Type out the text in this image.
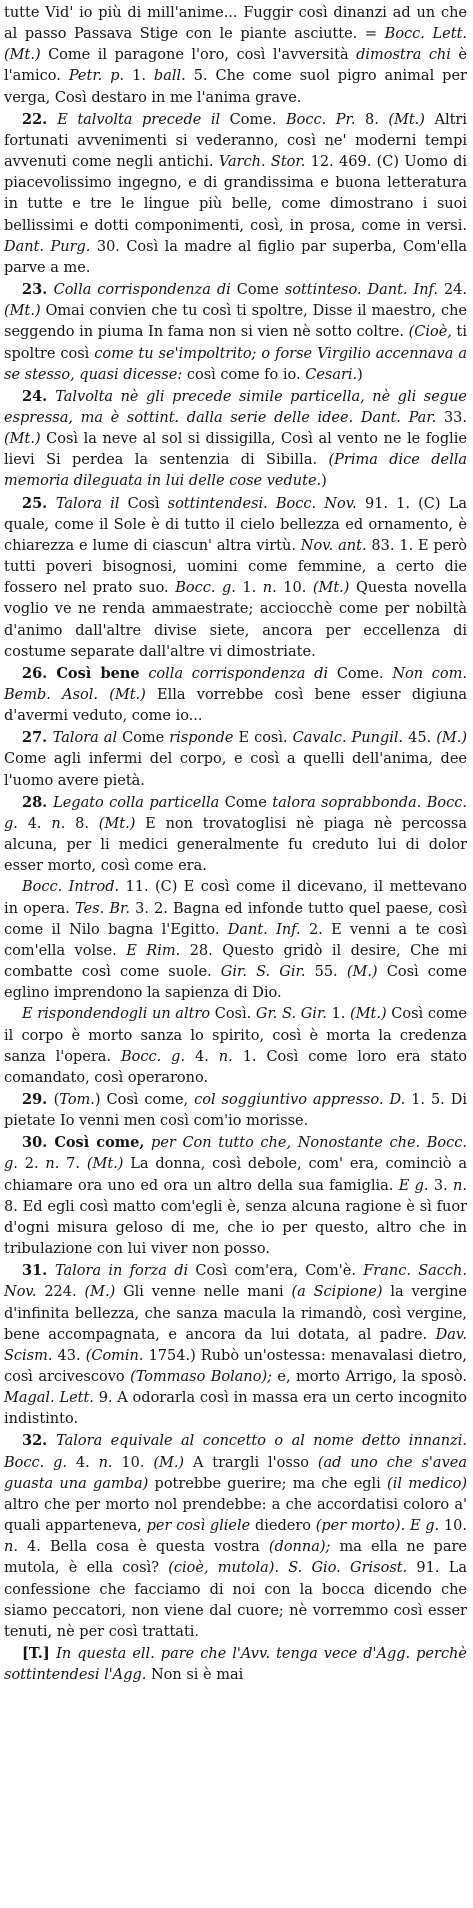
tutte Vid' io più di mill'anime... Fuggir così dinanzi ad un che al passo Passava Stige con le piante asciutte. = Bocc. Lett. (Mt.) Come il paragone l'oro, così l'avversità dimostra chi è l'amico. Petr. p. 1. ball. 5. Che come suol pigro animal per verga, Così destaro in me l'anima grave.

22. E talvolta precede il Come. Bocc. Pr. 8. (Mt.) Altri fortunati avvenimenti si vederanno, così ne' moderni tempi avvenuti come negli antichi. Varch. Stor. 12. 469. (C) Uomo di piacevolissimo ingegno, e di grandissima e buona letteratura in tutte e tre le lingue più belle, come dimostrano i suoi bellissimi e dotti componimenti, così, in prosa, come in versi. Dant. Purg. 30. Così la madre al figlio par superba, Com'ella parve a me.

23. Colla corrispondenza di Come sottinteso. Dant. Inf. 24. (Mt.) Omai convien che tu così ti spoltre, Disse il maestro, che seggendo in piuma In fama non si vien nè sotto coltre. (Cioè, ti spoltre così come tu se'impoltrito; o forse Virgilio accennava a se stesso, quasi dicesse: così come fo io. Cesari.)

24. Talvolta nè gli precede simile particella, nè gli segue espressa, ma è sottint. dalla serie delle idee. Dant. Par. 33. (Mt.) Così la neve al sol si dissigilla, Così al vento ne le foglie lievi Si perdea la sentenzia di Sibilla. (Prima dice della memoria dileguata in lui delle cose vedute.)

25. Talora il Così sottintendesi. Bocc. Nov. 91. 1. (C) La quale, come il Sole è di tutto il cielo bellezza ed ornamento, è chiarezza e lume di ciascun' altra virtù. Nov. ant. 83. 1. E però tutti poveri bisognosi, uomini come femmine, a certo die fossero nel prato suo. Bocc. g. 1. n. 10. (Mt.) Questa novella voglio ve ne renda ammaestrate; acciocchè come per nobiltà d'animo dall'altre divise siete, ancora per eccellenza di costume separate dall'altre vi dimostriate.

26. Così bene colla corrispondenza di Come. Non com. Bemb. Asol. (Mt.) Ella vorrebbe così bene esser digiuna d'avermi veduto, come io...

27. Talora al Come risponde E così. Cavalc. Pungil. 45. (M.) Come agli infermi del corpo, e così a quelli dell'anima, dee l'uomo avere pietà.

28. Legato colla particella Come talora soprabbonda. Bocc. g. 4. n. 8. (Mt.) E non trovatoglisi nè piaga nè percossa alcuna, per li medici generalmente fu creduto lui di dolor esser morto, così come era.

Bocc. Introd. 11. (C) E così come il dicevano, il mettevano in opera. Tes. Br. 3. 2. Bagna ed infonde tutto quel paese, così come il Nilo bagna l'Egitto. Dant. Inf. 2. E venni a te così com'ella volse. E Rim. 28. Questo gridò il desire, Che mi combatte così come suole. Gir. S. Gir. 55. (M.) Così come eglino imprendono la sapienza di Dio.

E rispondendogli un altro Così. Gr. S. Gir. 1. (Mt.) Così come il corpo è morto sanza lo spirito, così è morta la credenza sanza l'opera. Bocc. g. 4. n. 1. Così come loro era stato comandato, così operarono.

29. (Tom.) Così come, col soggiuntivo appresso. D. 1. 5. Di pietate Io venni men così com'io morisse.

30. Così come, per Con tutto che, Nonostante che. Bocc. g. 2. n. 7. (Mt.) La donna, così debole, com' era, cominciò a chiamare ora uno ed ora un altro della sua famiglia. E g. 3. n. 8. Ed egli così matto com'egli è, senza alcuna ragione è sì fuor d'ogni misura geloso di me, che io per questo, altro che in tribulazione con lui viver non posso.

31. Talora in forza di Così com'era, Com'è. Franc. Sacch. Nov. 224. (M.) Gli venne nelle mani (a Scipione) la vergine d'infinita bellezza, che sanza macula la rimandò, così vergine, bene accompagnata, e ancora da lui dotata, al padre. Dav. Scism. 43. (Comin. 1754.) Rubò un'ostessa: menavalasi dietro, così arcivescovo (Tommaso Bolano); e, morto Arrigo, la sposò. Magal. Lett. 9. A odorarla così in massa era un certo incognito indistinto.

32. Talora equivale al concetto o al nome detto innanzi. Bocc. g. 4. n. 10. (M.) A trargli l'osso (ad uno che s'avea guasta una gamba) potrebbe guerire; ma che egli (il medico) altro che per morto nol prendebbe: a che accordatisi coloro a' quali apparteneva, per così gliele diedero (per morto). E g. 10. n. 4. Bella cosa è questa vostra (donna); ma ella ne pare mutola, è ella così? (cioè, mutola). S. Gio. Grisost. 91. La confessione che facciamo di noi con la bocca dicendo che siamo peccatori, non viene dal cuore; nè vorremmo così esser tenuti, nè per così trattati.

[T.] In questa ell. pare che l'Avv. tenga vece d'Agg. perchè sottintendesi l'Agg. Non si è mai
